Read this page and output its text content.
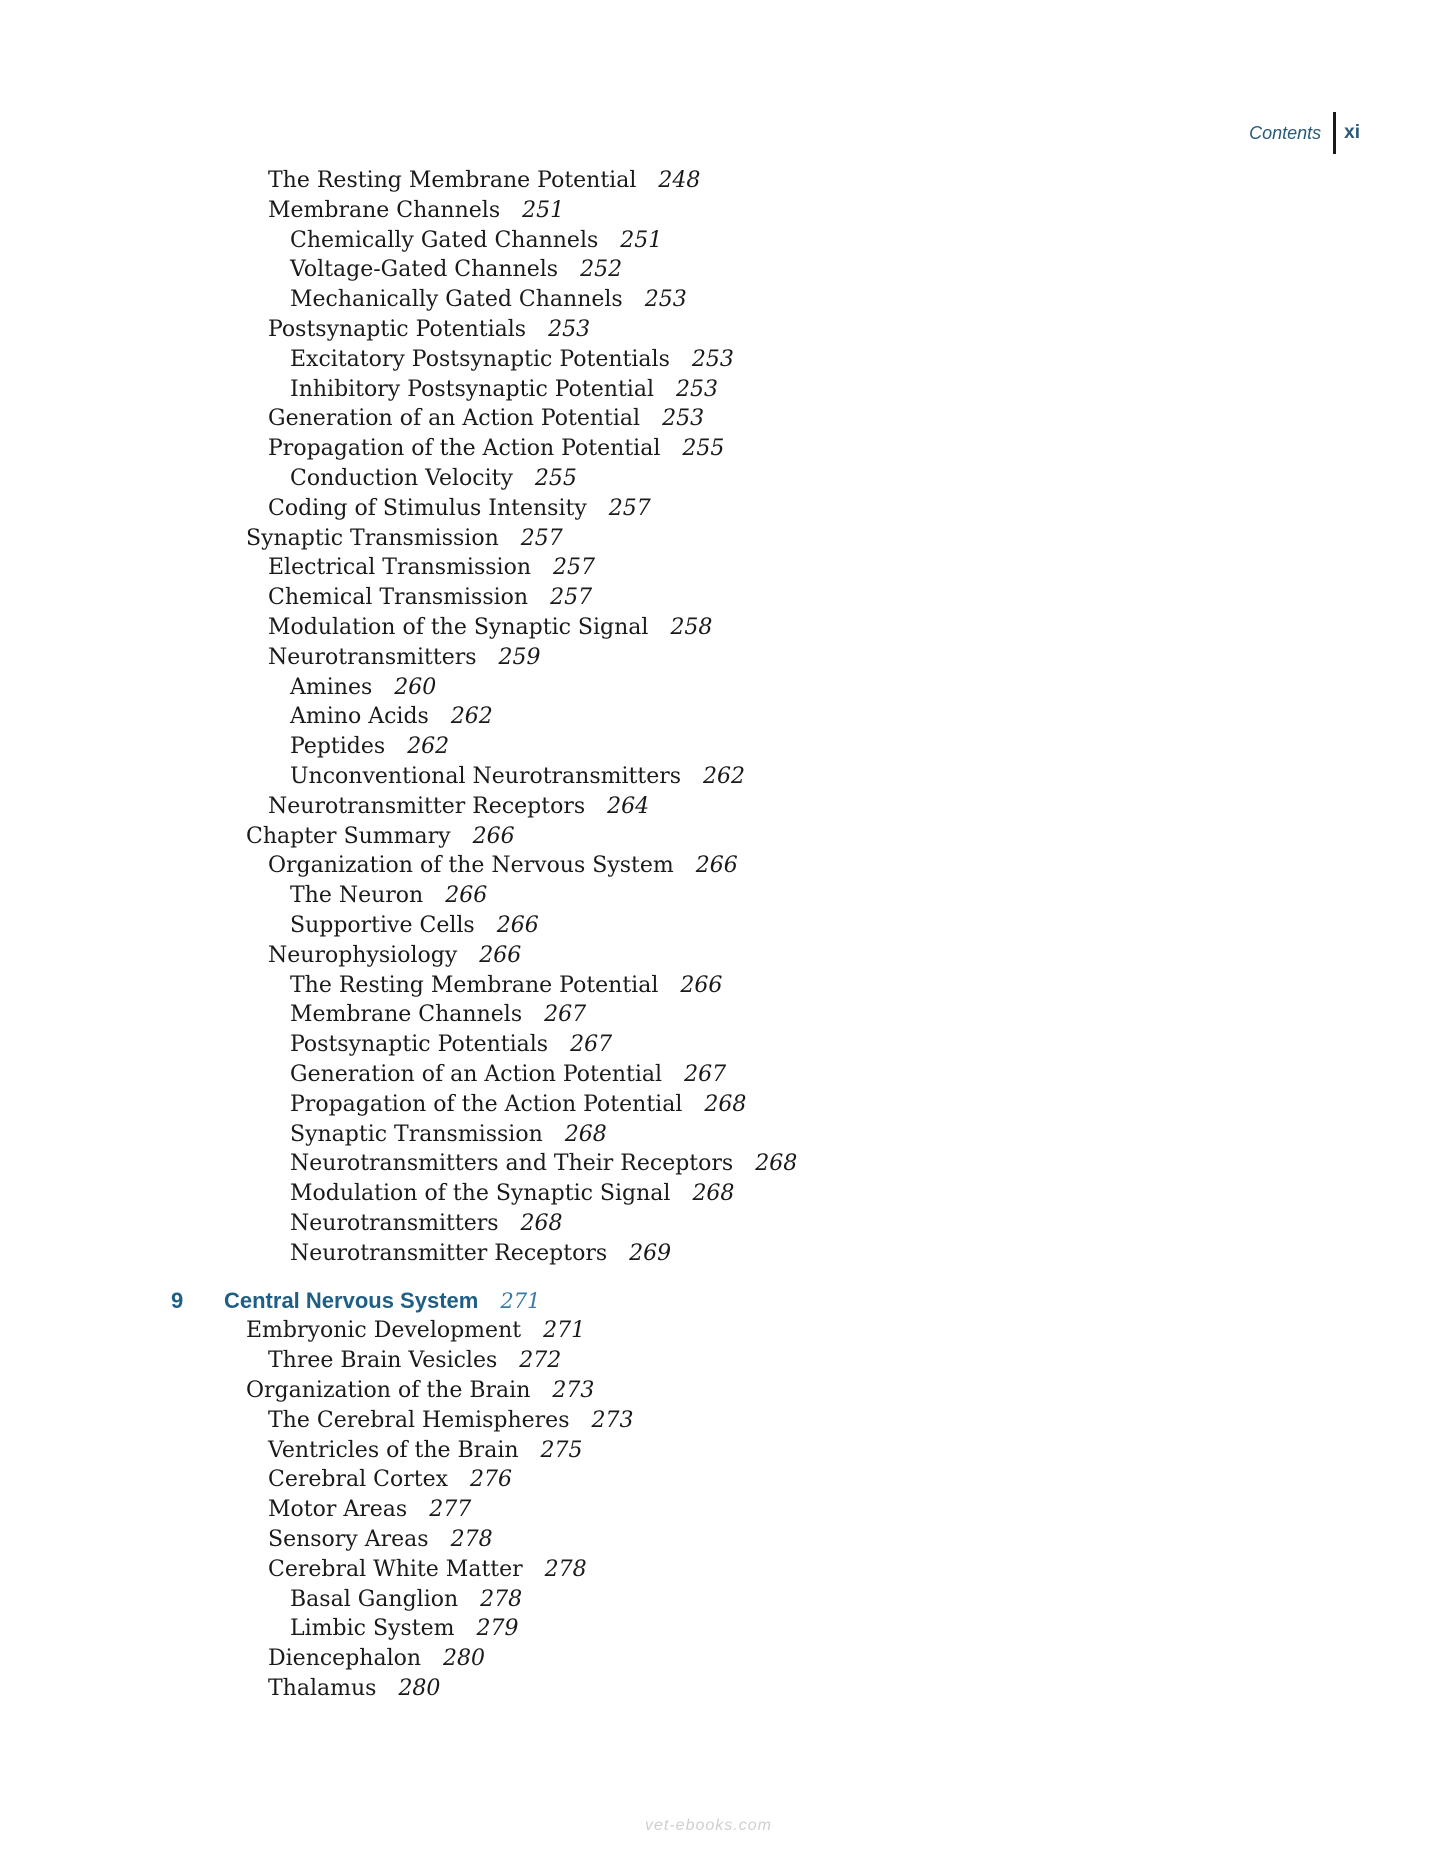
Contents	xi
The Resting Membrane Potential 248
Membrane Channels 251
Chemically Gated Channels 251
Voltage-Gated Channels 252
Mechanically Gated Channels 253
Postsynaptic Potentials 253
Excitatory Postsynaptic Potentials 253
Inhibitory Postsynaptic Potential 253
Generation of an Action Potential 253
Propagation of the Action Potential 255
Conduction Velocity 255
Coding of Stimulus Intensity 257
Synaptic Transmission 257
Electrical Transmission 257
Chemical Transmission 257
Modulation of the Synaptic Signal 258
Neurotransmitters 259
Amines 260
Amino Acids 262
Peptides 262
Unconventional Neurotransmitters 262
Neurotransmitter Receptors 264
Chapter Summary 266
Organization of the Nervous System 266
The Neuron 266
Supportive Cells 266
Neurophysiology 266
The Resting Membrane Potential 266
Membrane Channels 267
Postsynaptic Potentials 267
Generation of an Action Potential 267
Propagation of the Action Potential 268
Synaptic Transmission 268
Neurotransmitters and Their Receptors 268
Modulation of the Synaptic Signal 268
Neurotransmitters 268
Neurotransmitter Receptors 269
9 Central Nervous System 271
Embryonic Development 271
Three Brain Vesicles 272
Organization of the Brain 273
The Cerebral Hemispheres 273
Ventricles of the Brain 275
Cerebral Cortex 276
Motor Areas 277
Sensory Areas 278
Cerebral White Matter 278
Basal Ganglion 278
Limbic System 279
Diencephalon 280
Thalamus 280
vet-ebooks.com
